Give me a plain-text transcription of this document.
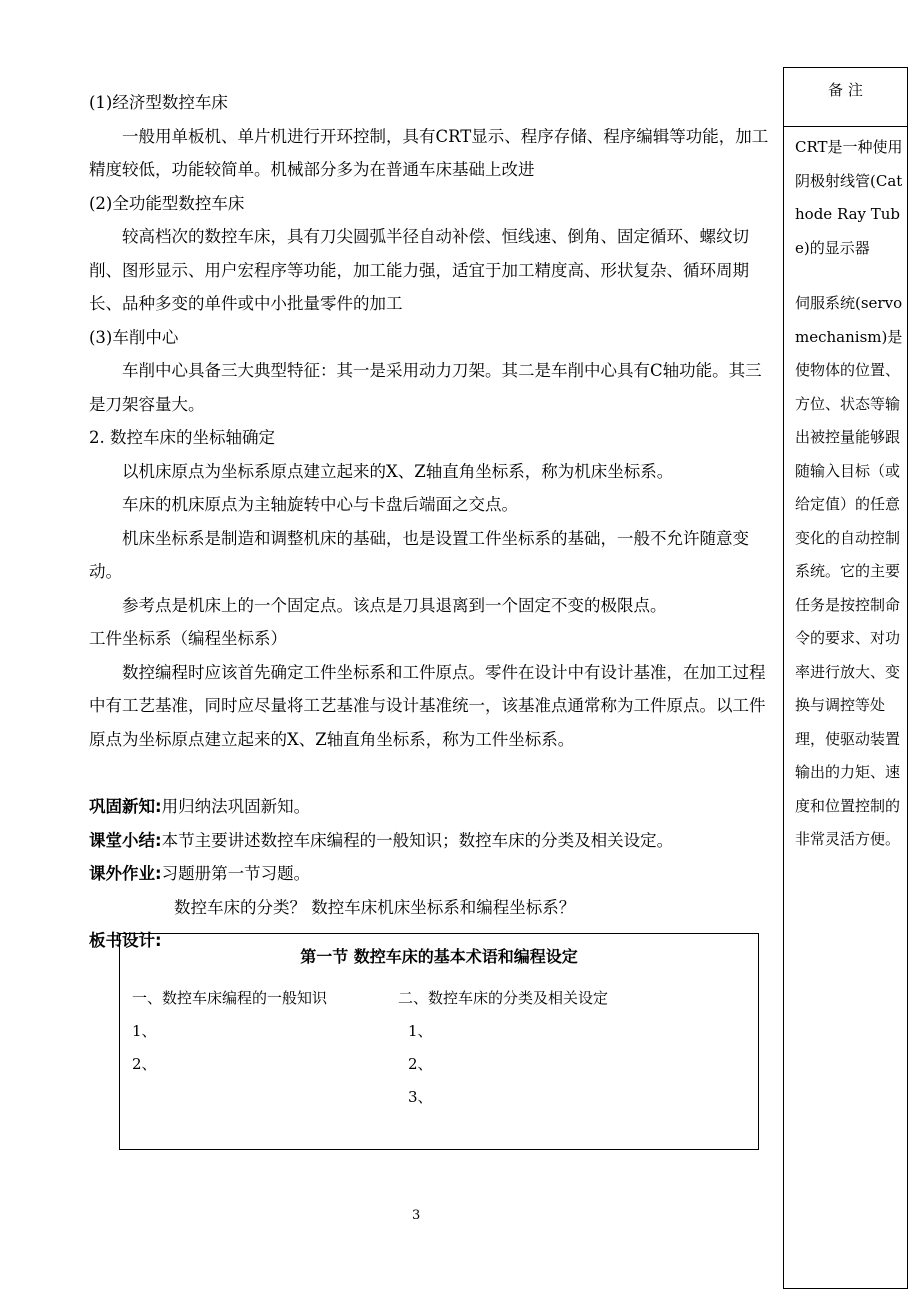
(1)经济型数控车床

一般用单板机、单片机进行开环控制，具有CRT显示、程序存储、程序编辑等功能，加工精度较低，功能较简单。机械部分多为在普通车床基础上改进

(2)全功能型数控车床

较高档次的数控车床，具有刀尖圆弧半径自动补偿、恒线速、倒角、固定循环、螺纹切削、图形显示、用户宏程序等功能，加工能力强，适宜于加工精度高、形状复杂、循环周期长、品种多变的单件或中小批量零件的加工

(3)车削中心

车削中心具备三大典型特征：其一是采用动力刀架。其二是车削中心具有C轴功能。其三是刀架容量大。

2. 数控车床的坐标轴确定

以机床原点为坐标系原点建立起来的X、Z轴直角坐标系，称为机床坐标系。

车床的机床原点为主轴旋转中心与卡盘后端面之交点。

机床坐标系是制造和调整机床的基础，也是设置工件坐标系的基础，一般不允许随意变动。

参考点是机床上的一个固定点。该点是刀具退离到一个固定不变的极限点。

工件坐标系（编程坐标系）

数控编程时应该首先确定工件坐标系和工件原点。零件在设计中有设计基准，在加工过程中有工艺基准，同时应尽量将工艺基准与设计基准统一，该基准点通常称为工件原点。以工件原点为坐标原点建立起来的X、Z轴直角坐标系，称为工件坐标系。

巩固新知:用归纳法巩固新知。

课堂小结:本节主要讲述数控车床编程的一般知识；数控车床的分类及相关设定。

课外作业:习题册第一节习题。

数控车床的分类？ 数控车床机床坐标系和编程坐标系？

板书设计:

备 注

CRT是一种使用阴极射线管(Cathode Ray Tube)的显示器

伺服系统(servomechanism)是使物体的位置、方位、状态等输出被控量能够跟随输入目标（或给定值）的任意变化的自动控制系统。它的主要任务是按控制命令的要求、对功率进行放大、变换与调控等处理，使驱动装置输出的力矩、速度和位置控制的非常灵活方便。

第一节 数控车床的基本术语和编程设定

一、数控车床编程的一般知识

1、

2、

二、数控车床的分类及相关设定

1、

2、

3、

3
